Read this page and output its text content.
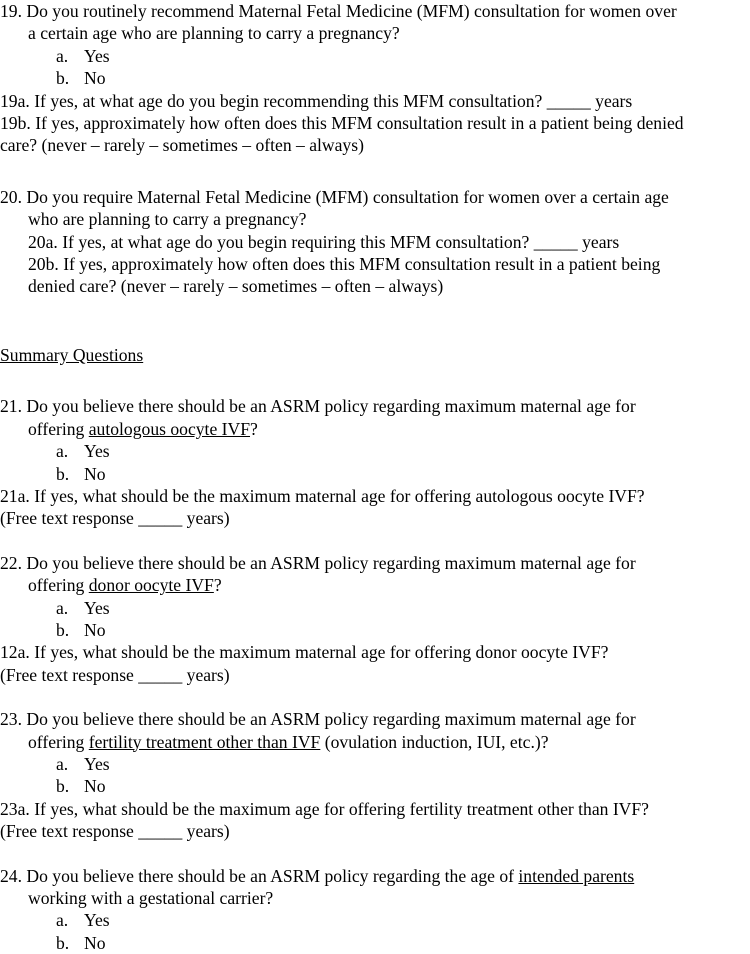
19. Do you routinely recommend Maternal Fetal Medicine (MFM) consultation for women over

a certain age who are planning to carry a pregnancy?

a. Yes
b. No

19a. If yes, at what age do you begin recommending this MFM consultation? _____ years

19b. If yes, approximately how often does this MFM consultation result in a patient being denied

care? (never – rarely – sometimes – often – always)

20. Do you require Maternal Fetal Medicine (MFM) consultation for women over a certain age

who are planning to carry a pregnancy?

20a. If yes, at what age do you begin requiring this MFM consultation? _____ years

20b. If yes, approximately how often does this MFM consultation result in a patient being

denied care? (never – rarely – sometimes – often – always)

Summary Questions

21. Do you believe there should be an ASRM policy regarding maximum maternal age for

offering autologous oocyte IVF?

a. Yes
b. No

21a. If yes, what should be the maximum maternal age for offering autologous oocyte IVF?

(Free text response _____ years)

22. Do you believe there should be an ASRM policy regarding maximum maternal age for

offering donor oocyte IVF?

a. Yes
b. No

12a. If yes, what should be the maximum maternal age for offering donor oocyte IVF?

(Free text response _____ years)

23. Do you believe there should be an ASRM policy regarding maximum maternal age for

offering fertility treatment other than IVF (ovulation induction, IUI, etc.)?

a. Yes
b. No

23a. If yes, what should be the maximum age for offering fertility treatment other than IVF?

(Free text response _____ years)

24. Do you believe there should be an ASRM policy regarding the age of intended parents

working with a gestational carrier?

a. Yes
b. No
